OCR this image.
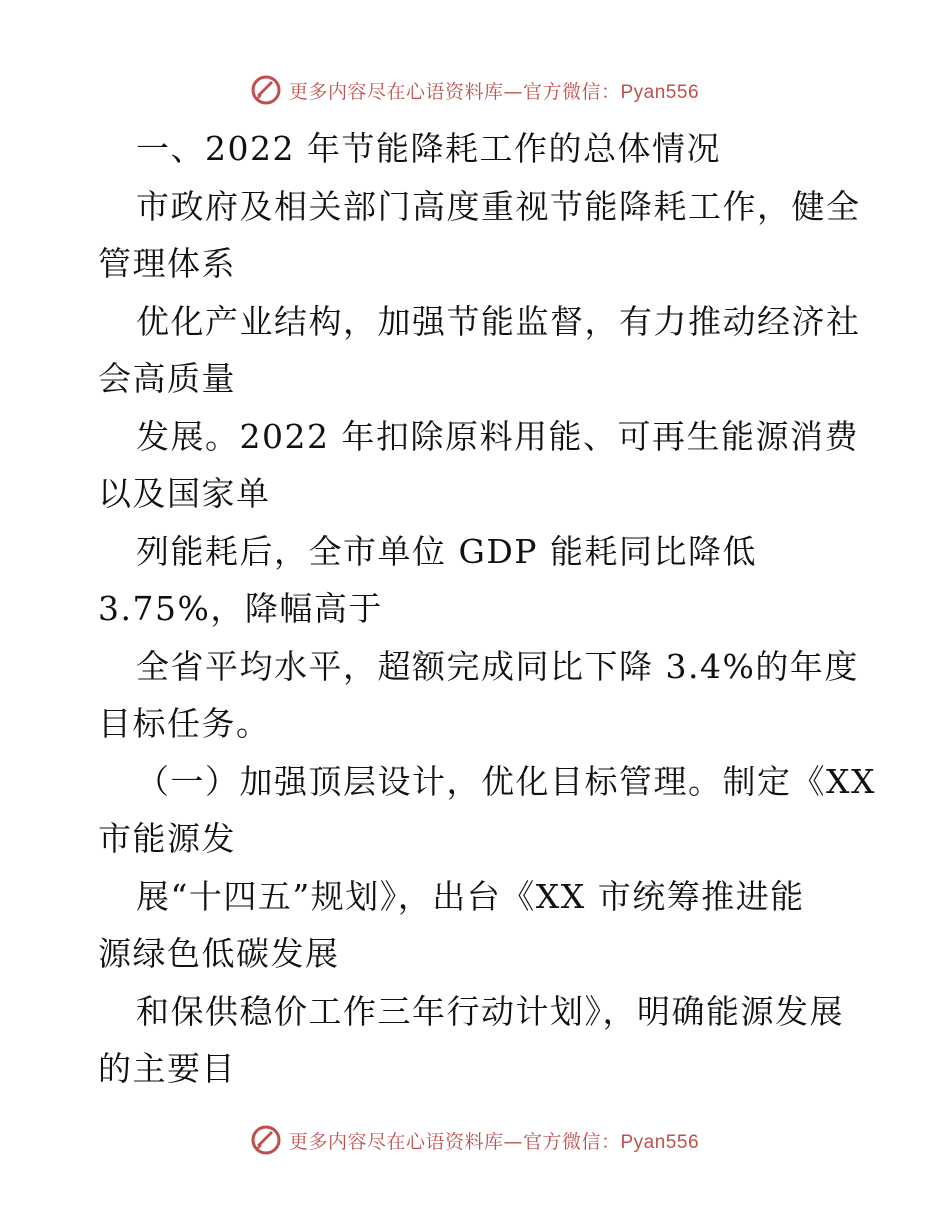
更多内容尽在心语资料库—官方微信：Pyan556
一、2022 年节能降耗工作的总体情况
市政府及相关部门高度重视节能降耗工作，健全
管理体系
优化产业结构，加强节能监督，有力推动经济社
会高质量
发展。2022 年扣除原料用能、可再生能源消费
以及国家单
列能耗后，全市单位 GDP 能耗同比降低
3.75%，降幅高于
全省平均水平，超额完成同比下降 3.4%的年度
目标任务。
（一）加强顶层设计，优化目标管理。制定《XX
市能源发
展“十四五”规划》，出台《XX 市统筹推进能
源绿色低碳发展
和保供稳价工作三年行动计划》，明确能源发展
的主要目
更多内容尽在心语资料库—官方微信：Pyan556
